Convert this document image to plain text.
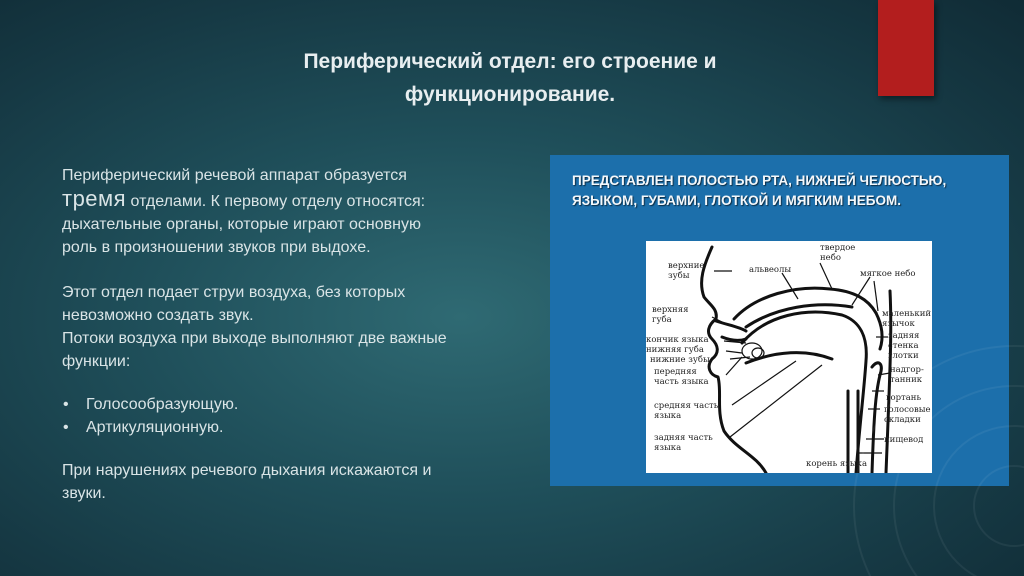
Периферический отдел: его строение и
функционирование.

Периферический речевой аппарат образуется
тремя отделами. К первому отделу относятся:
дыхательные органы, которые играют основную
роль в произношении звуков при выдохе.

Этот отдел подает струи воздуха, без которых
невозможно создать звук.

Потоки воздуха при выходе выполняют две важные
функции:

• Голосообразующую.
• Артикуляционную.

При нарушениях речевого дыхания искажаются и
звуки.

ПРЕДСТАВЛЕН ПОЛОСТЬЮ РТА, НИЖНЕЙ ЧЕЛЮСТЬЮ,
ЯЗЫКОМ, ГУБАМИ, ГЛОТКОЙ И МЯГКИМ НЕБОМ.
верхние
зубы
альвеолы
твердое
небо
мягкое небо
верхняя
губа
маленький
язычок
кончик языка
нижняя губа
нижние зубы
передняя
часть языка
задняя
стенка
глотки
надгор-
танник
средняя часть
языка
гортань
голосовые
складки
задняя часть
языка
пищевод
корень языка
